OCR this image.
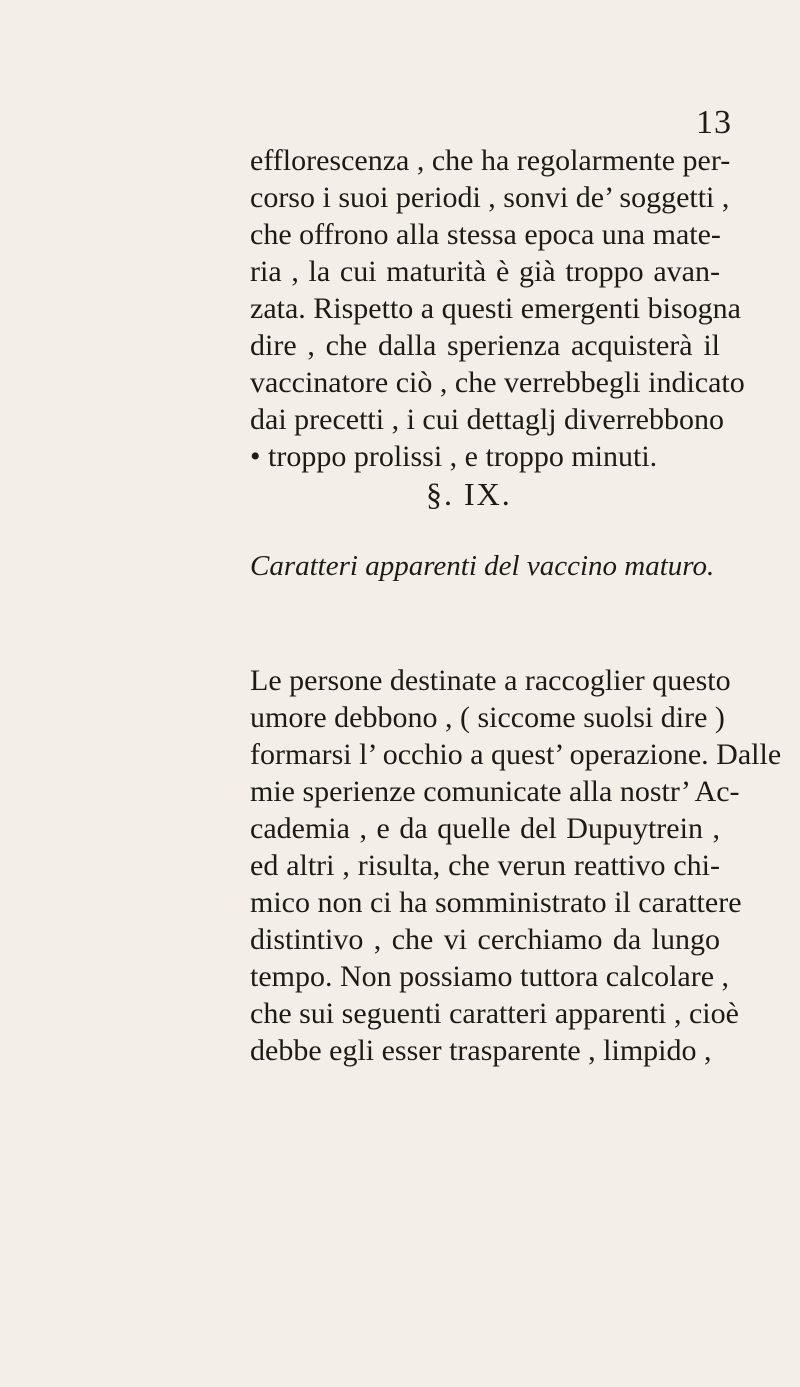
13
efflorescenza , che ha regolarmente per-
corso i suoi periodi , sonvi de’ soggetti ,
che offrono alla stessa epoca una mate-
ria , la cui maturità è già troppo avan-
zata. Rispetto a questi emergenti bisogna
dire , che dalla sperienza acquisterà il
vaccinatore ciò , che verrebbegli indicato
dai precetti , i cui dettaglj diverrebbono
• troppo prolissi , e troppo minuti.
§. IX.
Caratteri apparenti del vaccino maturo.
Le persone destinate a raccoglier questo
umore debbono , ( siccome suolsi dire )
formarsi l’ occhio a quest’ operazione. Dalle
mie sperienze comunicate alla nostr’ Ac-
cademia , e da quelle del Dupuytrein ,
ed altri , risulta, che verun reattivo chi-
mico non ci ha somministrato il carattere
distintivo , che vi cerchiamo da lungo
tempo. Non possiamo tuttora calcolare ,
che sui seguenti caratteri apparenti , cioè
debbe egli esser trasparente , limpido ,
